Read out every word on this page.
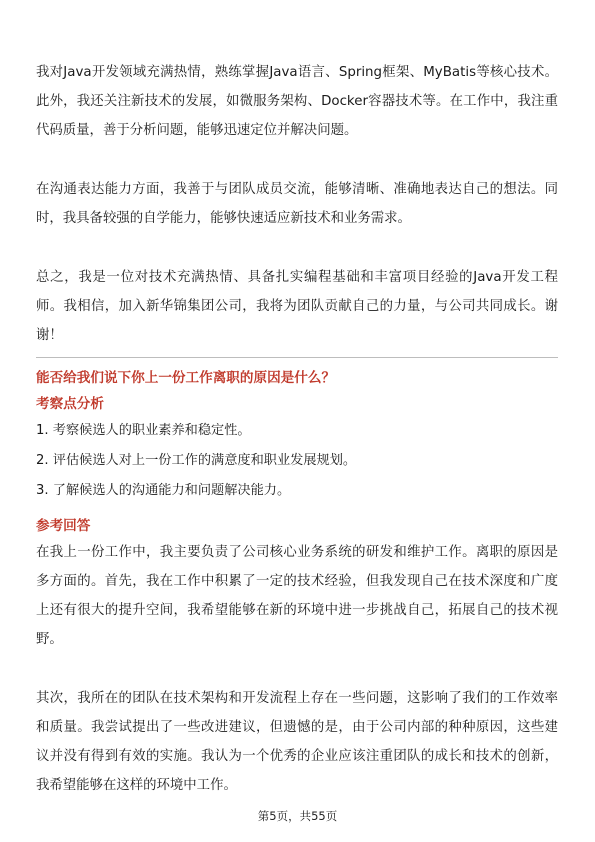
我对Java开发领域充满热情，熟练掌握Java语言、Spring框架、MyBatis等核心技术。此外，我还关注新技术的发展，如微服务架构、Docker容器技术等。在工作中，我注重代码质量，善于分析问题，能够迅速定位并解决问题。

在沟通表达能力方面，我善于与团队成员交流，能够清晰、准确地表达自己的想法。同时，我具备较强的自学能力，能够快速适应新技术和业务需求。

总之，我是一位对技术充满热情、具备扎实编程基础和丰富项目经验的Java开发工程师。我相信，加入新华锦集团公司，我将为团队贡献自己的力量，与公司共同成长。谢谢！

能否给我们说下你上一份工作离职的原因是什么？

考察点分析

1. 考察候选人的职业素养和稳定性。

2. 评估候选人对上一份工作的满意度和职业发展规划。

3. 了解候选人的沟通能力和问题解决能力。

参考回答

在我上一份工作中，我主要负责了公司核心业务系统的研发和维护工作。离职的原因是多方面的。首先，我在工作中积累了一定的技术经验，但我发现自己在技术深度和广度上还有很大的提升空间，我希望能够在新的环境中进一步挑战自己，拓展自己的技术视野。

其次，我所在的团队在技术架构和开发流程上存在一些问题，这影响了我们的工作效率和质量。我尝试提出了一些改进建议，但遗憾的是，由于公司内部的种种原因，这些建议并没有得到有效的实施。我认为一个优秀的企业应该注重团队的成长和技术的创新，我希望能够在这样的环境中工作。

第5页，共55页
